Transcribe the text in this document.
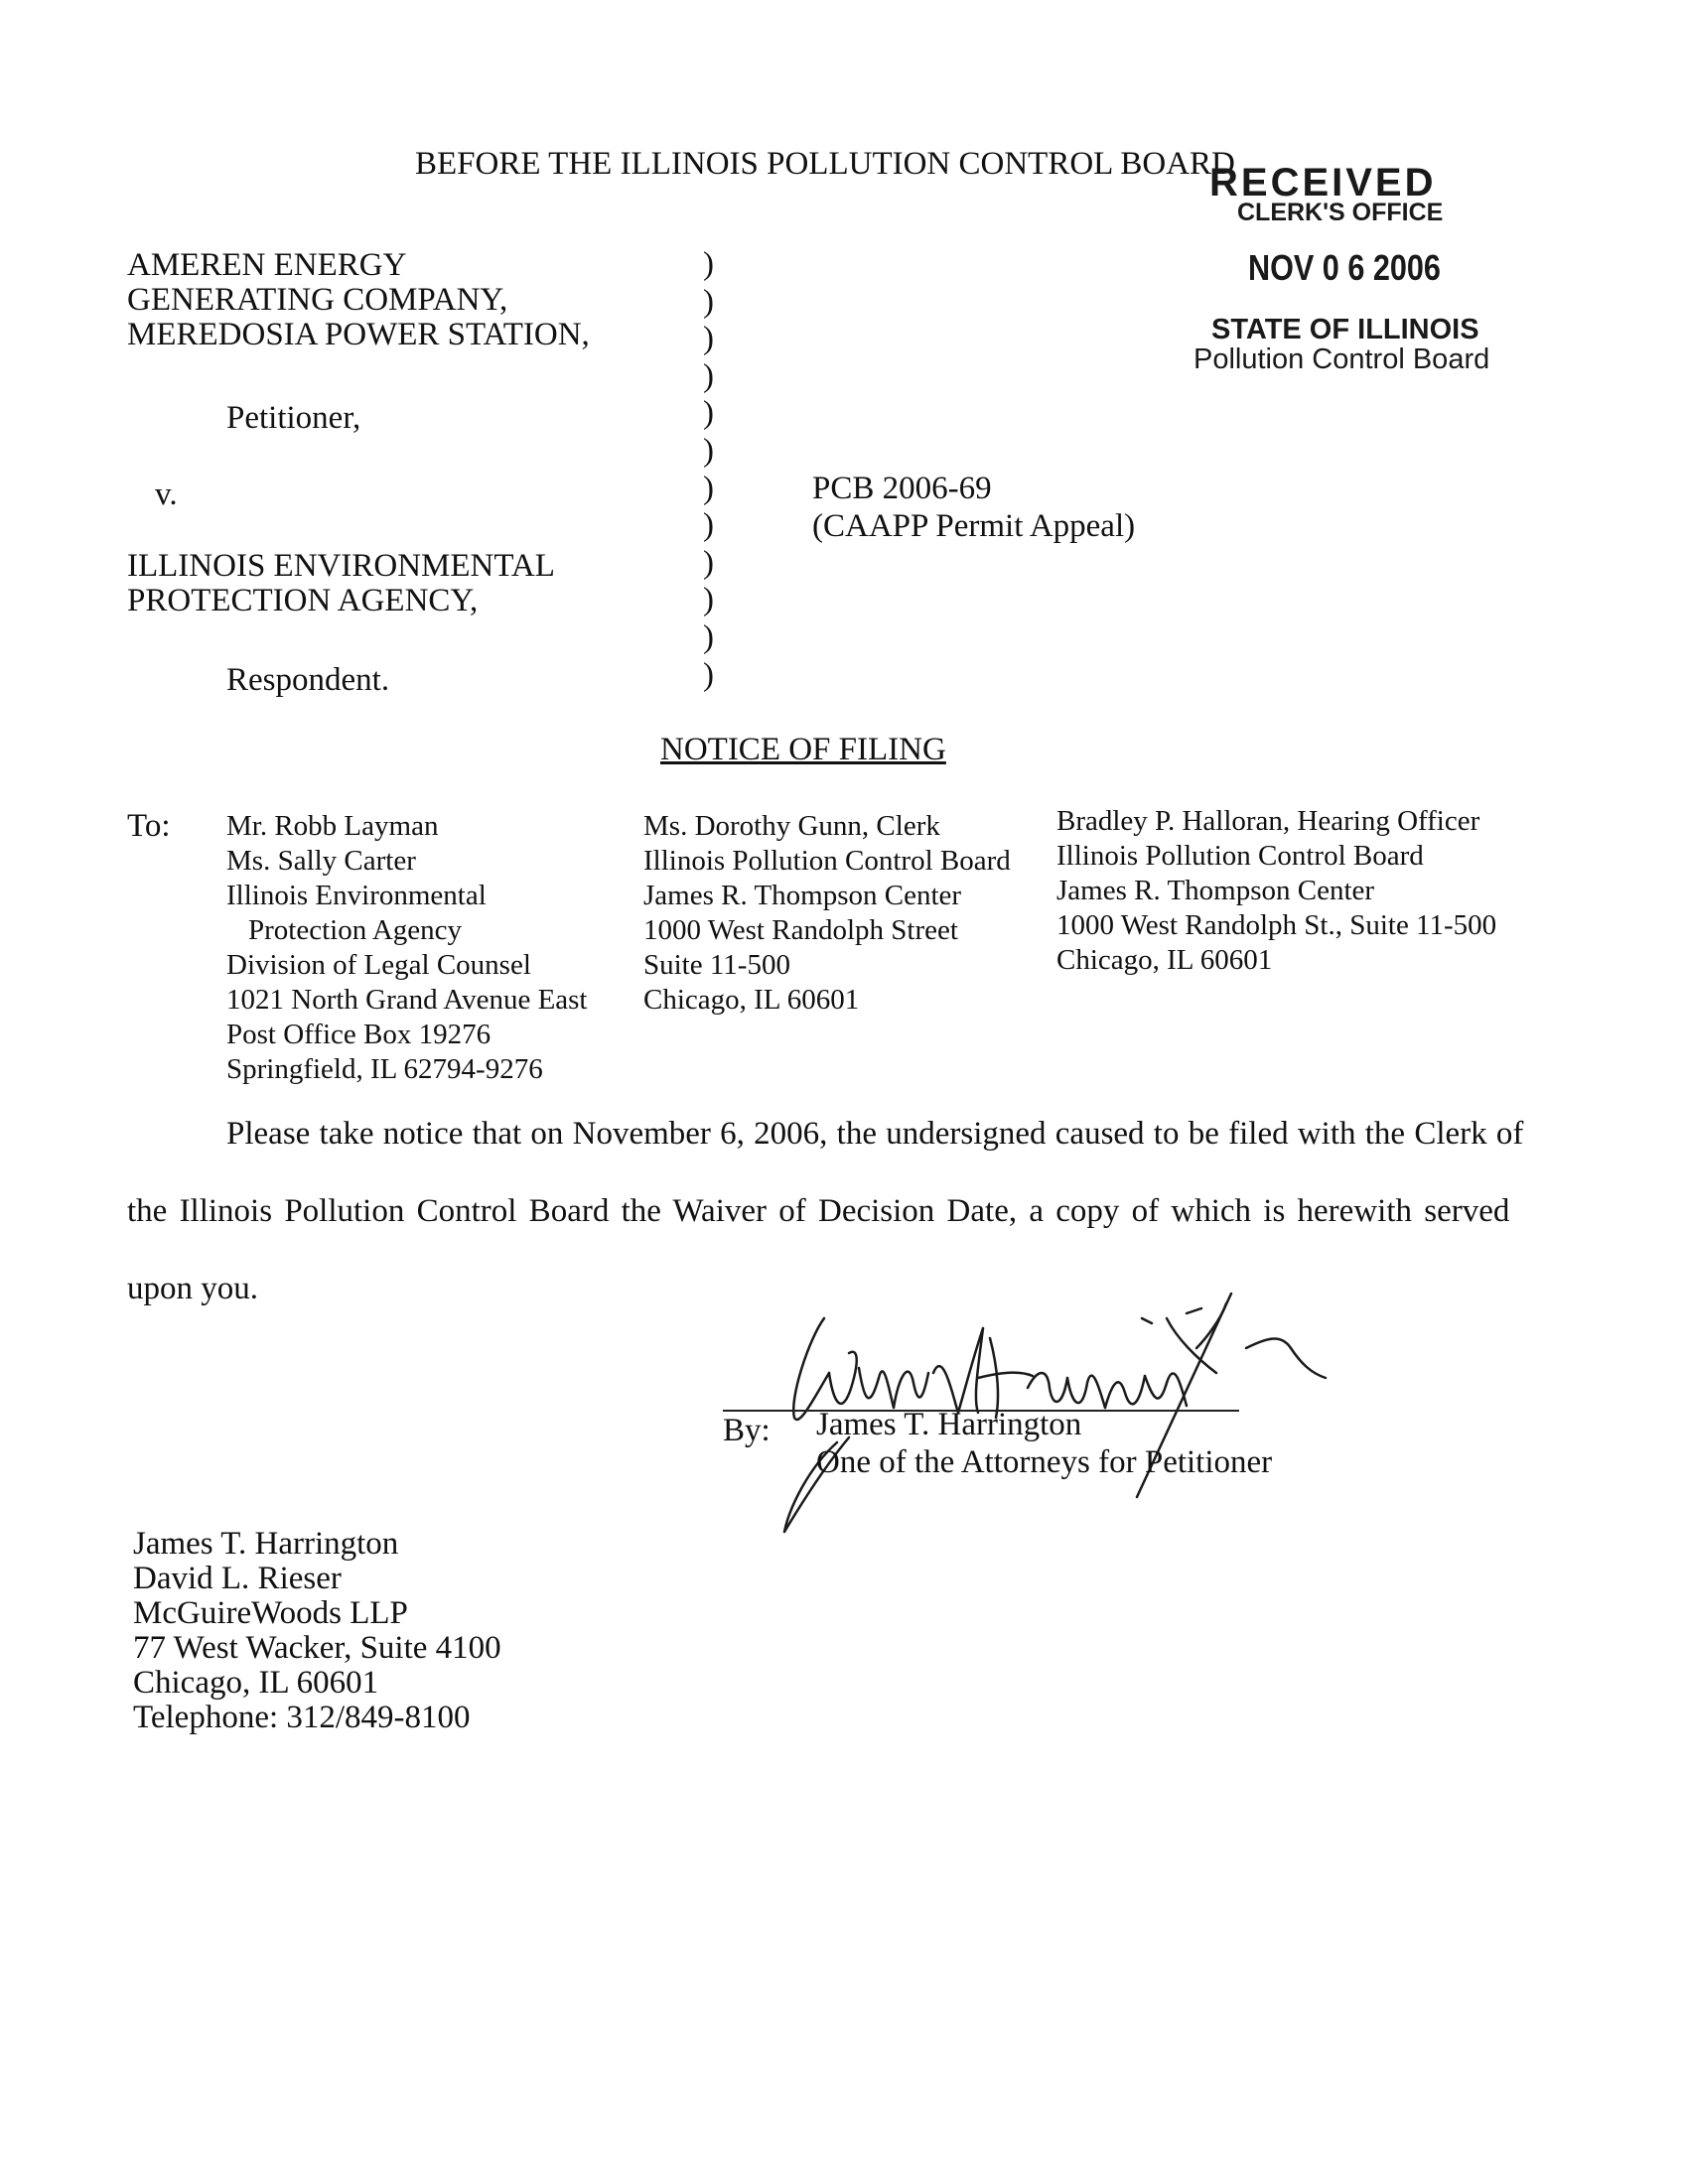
BEFORE THE ILLINOIS POLLUTION CONTROL BOARD
RECEIVED
CLERK'S OFFICE
NOV 0 6 2006
STATE OF ILLINOIS
Pollution Control Board
AMEREN ENERGY
GENERATING COMPANY,
MEREDOSIA POWER STATION,
Petitioner,
v.
ILLINOIS ENVIRONMENTAL
PROTECTION AGENCY,
Respondent.
)
)
)
)
)
)
)
)
)
)
)
)
PCB 2006-69
(CAAPP Permit Appeal)
NOTICE OF FILING
To: Mr. Robb Layman
Ms. Sally Carter
Illinois Environmental
Protection Agency
Division of Legal Counsel
1021 North Grand Avenue East
Post Office Box 19276
Springfield, IL 62794-9276
Ms. Dorothy Gunn, Clerk
Illinois Pollution Control Board
James R. Thompson Center
1000 West Randolph Street
Suite 11-500
Chicago, IL 60601
Bradley P. Halloran, Hearing Officer
Illinois Pollution Control Board
James R. Thompson Center
1000 West Randolph St., Suite 11-500
Chicago, IL 60601
Please take notice that on November 6, 2006, the undersigned caused to be filed with the Clerk of
the Illinois Pollution Control Board the Waiver of Decision Date, a copy of which is herewith served
upon you.
By: James T. Harrington
One of the Attorneys for Petitioner
James T. Harrington
David L. Rieser
McGuireWoods LLP
77 West Wacker, Suite 4100
Chicago, IL 60601
Telephone: 312/849-8100
